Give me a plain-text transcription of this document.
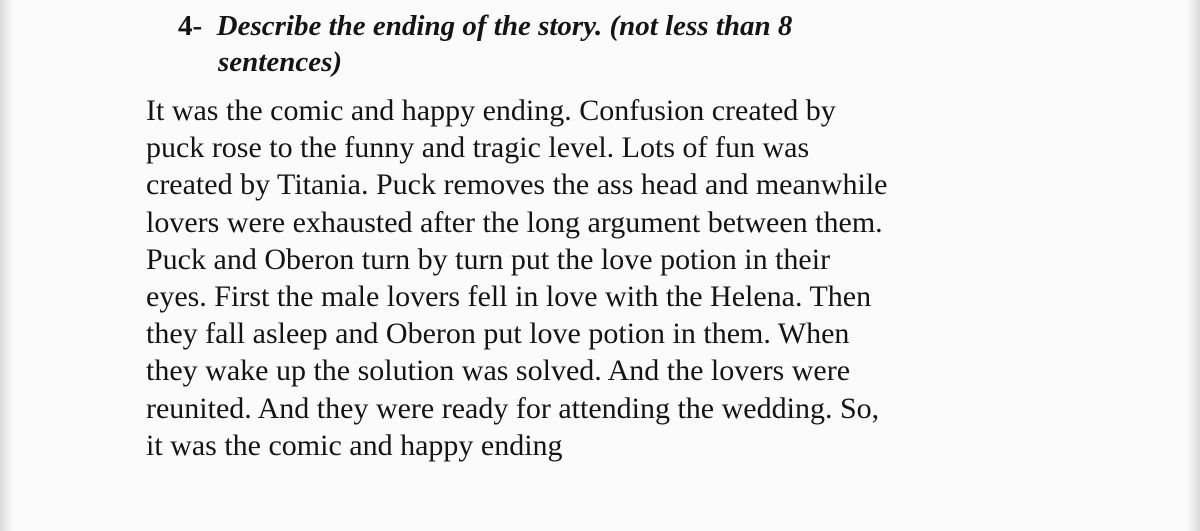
4- Describe the ending of the story. (not less than 8
sentences)

It was the comic and happy ending. Confusion created by
puck rose to the funny and tragic level. Lots of fun was
created by Titania. Puck removes the ass head and meanwhile
lovers were exhausted after the long argument between them.
Puck and Oberon turn by turn put the love potion in their
eyes. First the male lovers fell in love with the Helena. Then
they fall asleep and Oberon put love potion in them. When
they wake up the solution was solved. And the lovers were
reunited. And they were ready for attending the wedding. So,
it was the comic and happy ending
